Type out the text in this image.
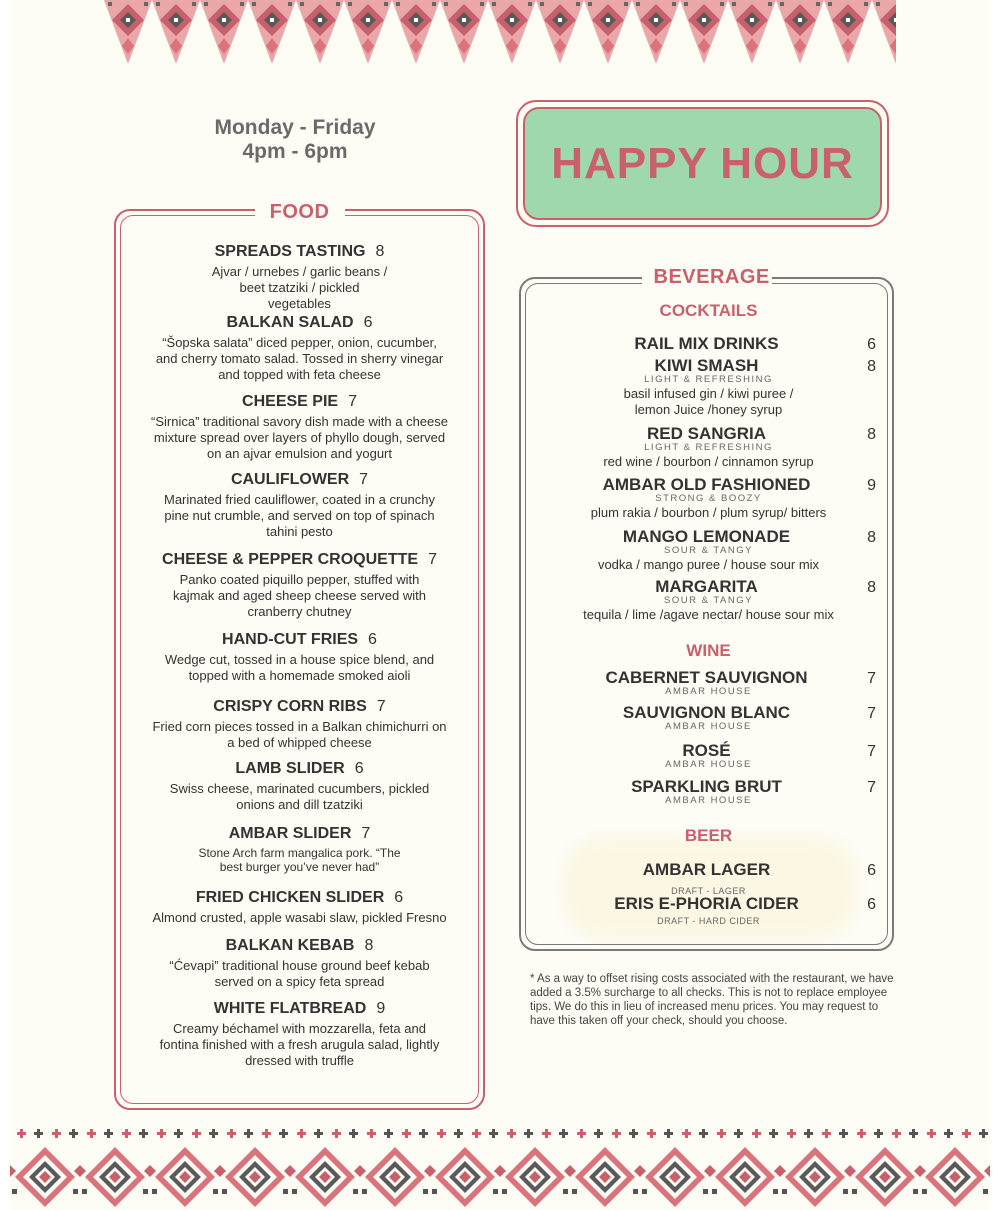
Monday - Friday
4pm - 6pm	HAPPY HOUR
FOOD
SPREADS TASTING 8
Ajvar / urnebes / garlic beans / beet tzatziki / pickled vegetables
BALKAN SALAD 6
“Šopska salata” diced pepper, onion, cucumber, and cherry tomato salad. Tossed in sherry vinegar and topped with feta cheese
CHEESE PIE 7
“Sirnica” traditional savory dish made with a cheese mixture spread over layers of phyllo dough, served on an ajvar emulsion and yogurt
CAULIFLOWER 7
Marinated fried cauliflower, coated in a crunchy pine nut crumble, and served on top of spinach tahini pesto
CHEESE & PEPPER CROQUETTE 7
Panko coated piquillo pepper, stuffed with kajmak and aged sheep cheese served with cranberry chutney
HAND-CUT FRIES 6
Wedge cut, tossed in a house spice blend, and topped with a homemade smoked aioli
CRISPY CORN RIBS 7
Fried corn pieces tossed in a Balkan chimichurri on a bed of whipped cheese
LAMB SLIDER 6
Swiss cheese, marinated cucumbers, pickled onions and dill tzatziki
AMBAR SLIDER 7
Stone Arch farm mangalica pork. “The best burger you’ve never had”
FRIED CHICKEN SLIDER 6
Almond crusted, apple wasabi slaw, pickled Fresno
BALKAN KEBAB 8
“Ćevapi” traditional house ground beef kebab served on a spicy feta spread
WHITE FLATBREAD 9
Creamy béchamel with mozzarella, feta and fontina finished with a fresh arugula salad, lightly dressed with truffle
BEVERAGE
COCKTAILS
RAIL MIX DRINKS	6
KIWI SMASH	8
LIGHT & REFRESHING
basil infused gin / kiwi puree / lemon Juice /honey syrup
RED SANGRIA	8
LIGHT & REFRESHING
red wine / bourbon / cinnamon syrup
AMBAR OLD FASHIONED	9
STRONG & BOOZY
plum rakia / bourbon / plum syrup/ bitters
MANGO LEMONADE	8
SOUR & TANGY
vodka / mango puree / house sour mix
MARGARITA	8
SOUR & TANGY
tequila / lime /agave nectar/ house sour mix
WINE
CABERNET SAUVIGNON	7
AMBAR HOUSE
SAUVIGNON BLANC	7
AMBAR HOUSE
ROSÉ	7
AMBAR HOUSE
SPARKLING BRUT	7
AMBAR HOUSE
BEER
AMBAR LAGER	6
DRAFT - LAGER
ERIS E-PHORIA CIDER	6
DRAFT - HARD CIDER
* As a way to offset rising costs associated with the restaurant, we have added a 3.5% surcharge to all checks. This is not to replace employee tips. We do this in lieu of increased menu prices. You may request to have this taken off your check, should you choose.
